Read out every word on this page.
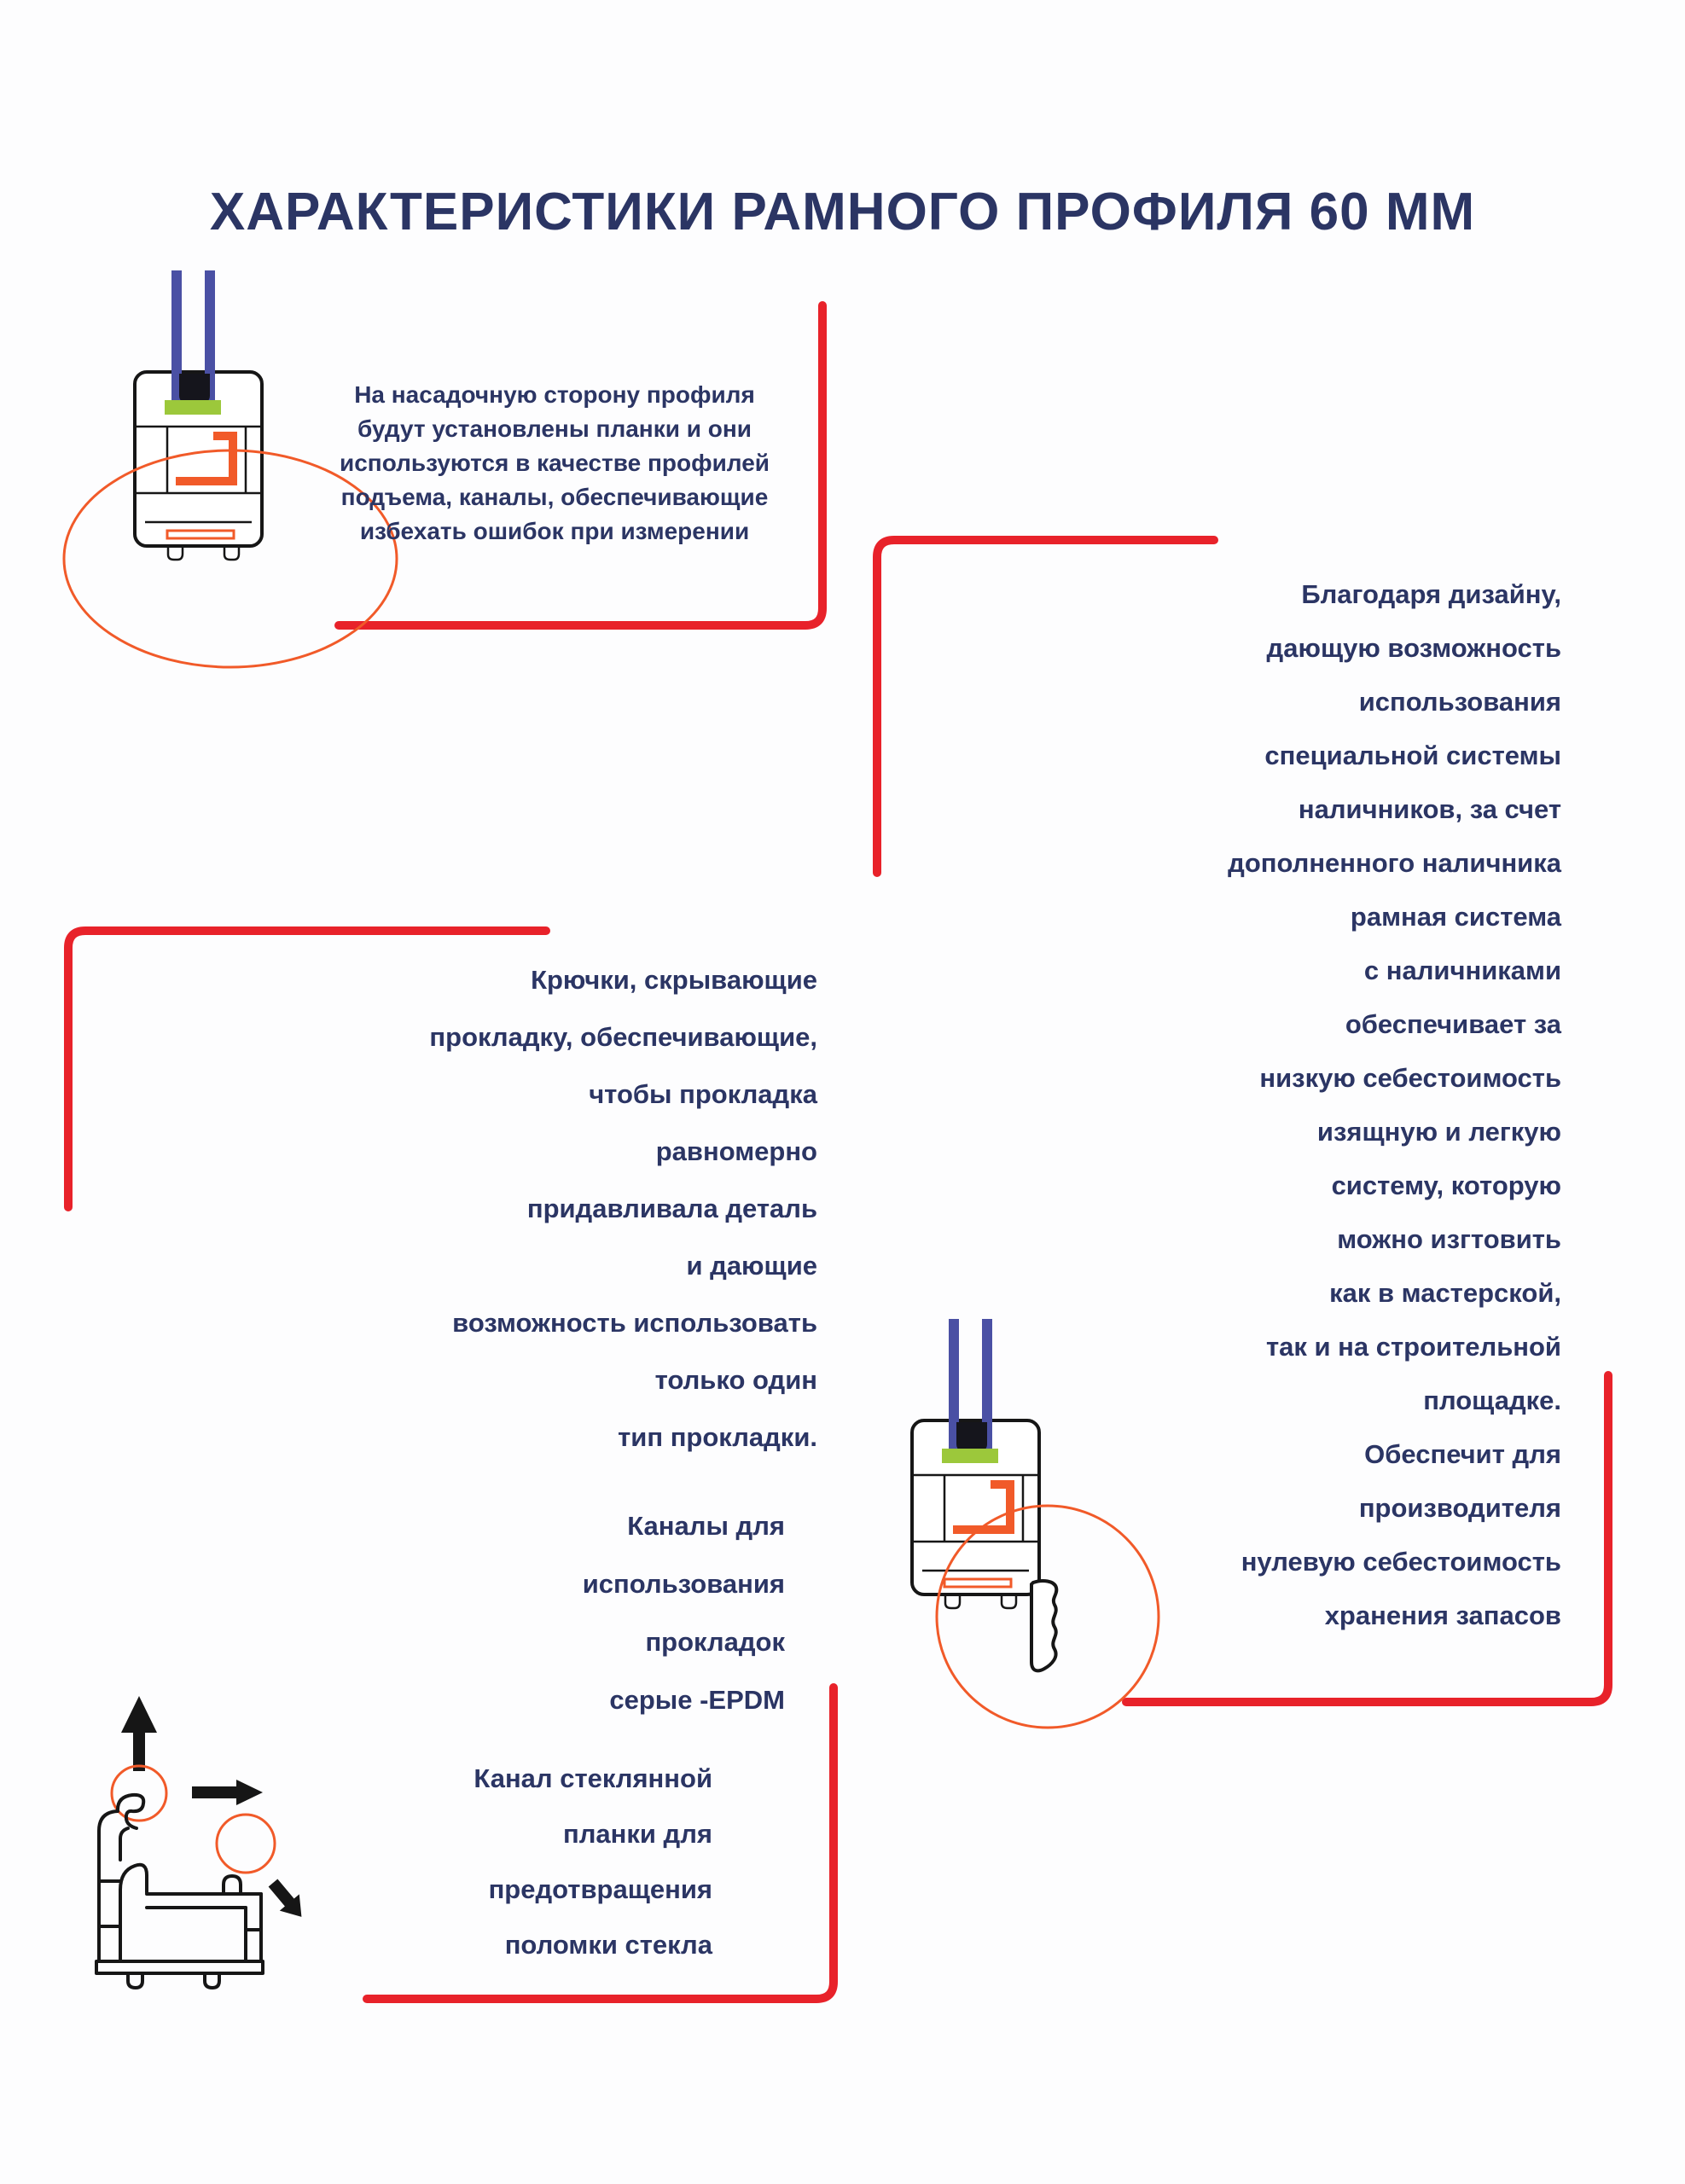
ХАРАКТЕРИСТИКИ РАМНОГО ПРОФИЛЯ 60 ММ
На насадочную сторону профиля
будут установлены планки и они
используются в качестве профилей
подъема, каналы, обеспечивающие
избехать ошибок при измерении
Благодаря дизайну,
дающую возможность
использования
специальной системы
наличников, за счет
дополненного наличника
рамная система
с наличниками
обеспечивает за
низкую себестоимость
изящную и легкую
систему, которую
можно изгтовить
как в мастерской,
так и на строительной
площадке.
Обеспечит для
производителя
нулевую себестоимость
хранения запасов
Крючки, скрывающие
прокладку, обеспечивающие,
чтобы прокладка
равномерно
придавливала деталь
и дающие
возможность использовать
только один
тип прокладки.
Каналы для
использования
прокладок
серые -EPDM
Канал стеклянной
планки для
предотвращения
поломки стекла
